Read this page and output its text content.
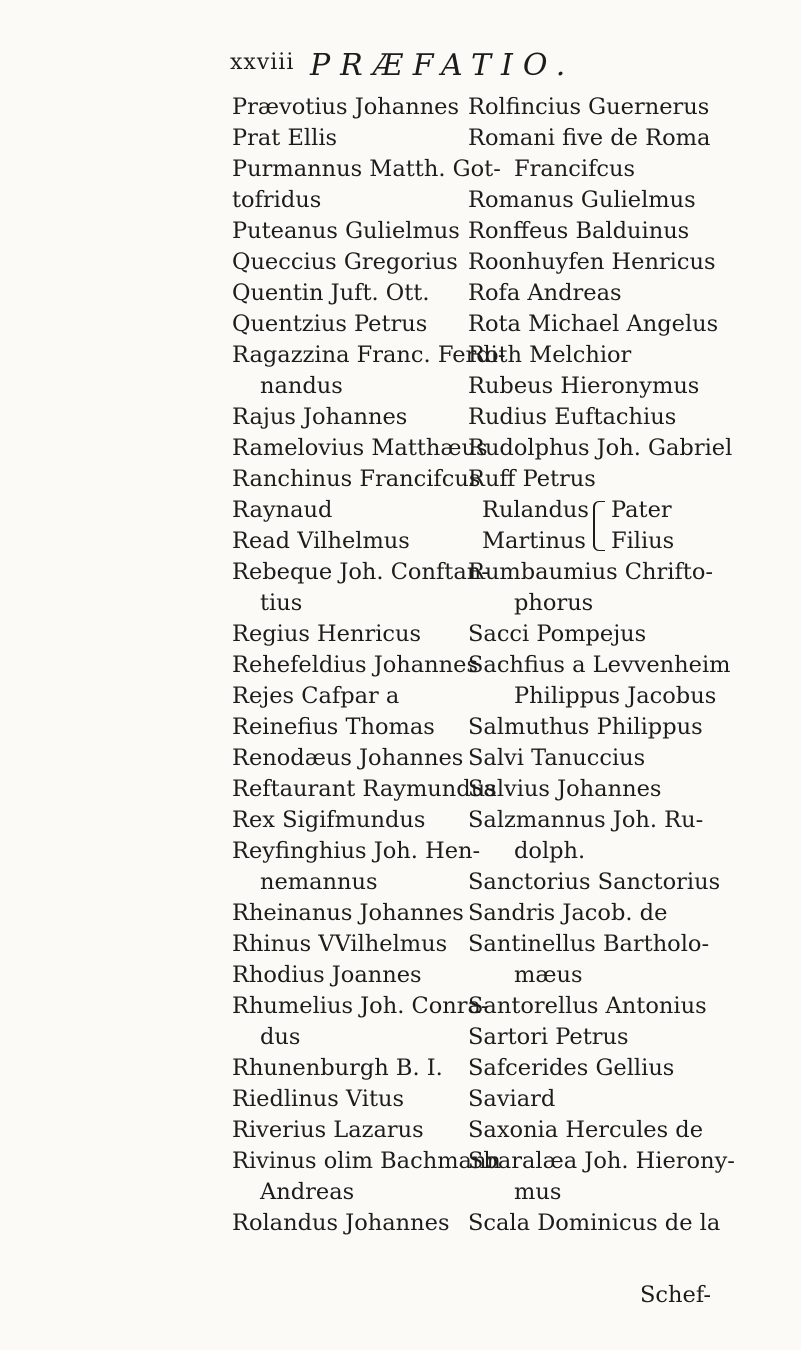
xxviii PRÆFATIO.
Prævotius Johannes
Prat Ellis
Purmannus Matth. Got-
tofridus
Puteanus Gulielmus
Queccius Gregorius
Quentin Juft. Ott.
Quentzius Petrus
Ragazzina Franc. Ferdi-
nandus
Rajus Johannes
Ramelovius Matthæus
Ranchinus Francifcus
Raynaud
Read Vilhelmus
Rebeque Joh. Conftan-
tius
Regius Henricus
Rehefeldius Johannes
Rejes Cafpar a
Reinefius Thomas
Renodæus Johannes
Reftaurant Raymundus
Rex Sigifmundus
Reyfinghius Joh. Hen-
nemannus
Rheinanus Johannes
Rhinus VVilhelmus
Rhodius Joannes
Rhumelius Joh. Conra-
dus
Rhunenburgh B. I.
Riedlinus Vitus
Riverius Lazarus
Rivinus olim Bachmann
Andreas
Rolandus Johannes
Rolfincius Guernerus
Romani five de Roma
Francifcus
Romanus Gulielmus
Ronffeus Balduinus
Roonhuyfen Henricus
Rofa Andreas
Rota Michael Angelus
Roth Melchior
Rubeus Hieronymus
Rudius Euftachius
Rudolphus Joh. Gabriel
Ruff Petrus
Rulandus
Martinus
Pater
Filius
Rumbaumius Chrifto-
phorus
Sacci Pompejus
Sachfius a Levvenheim
Philippus Jacobus
Salmuthus Philippus
Salvi Tanuccius
Salvius Johannes
Salzmannus Joh. Ru-
dolph.
Sanctorius Sanctorius
Sandris Jacob. de
Santinellus Bartholo-
mæus
Santorellus Antonius
Sartori Petrus
Safcerides Gellius
Saviard
Saxonia Hercules de
Sbaralæa Joh. Hierony-
mus
Scala Dominicus de la
Schef-
